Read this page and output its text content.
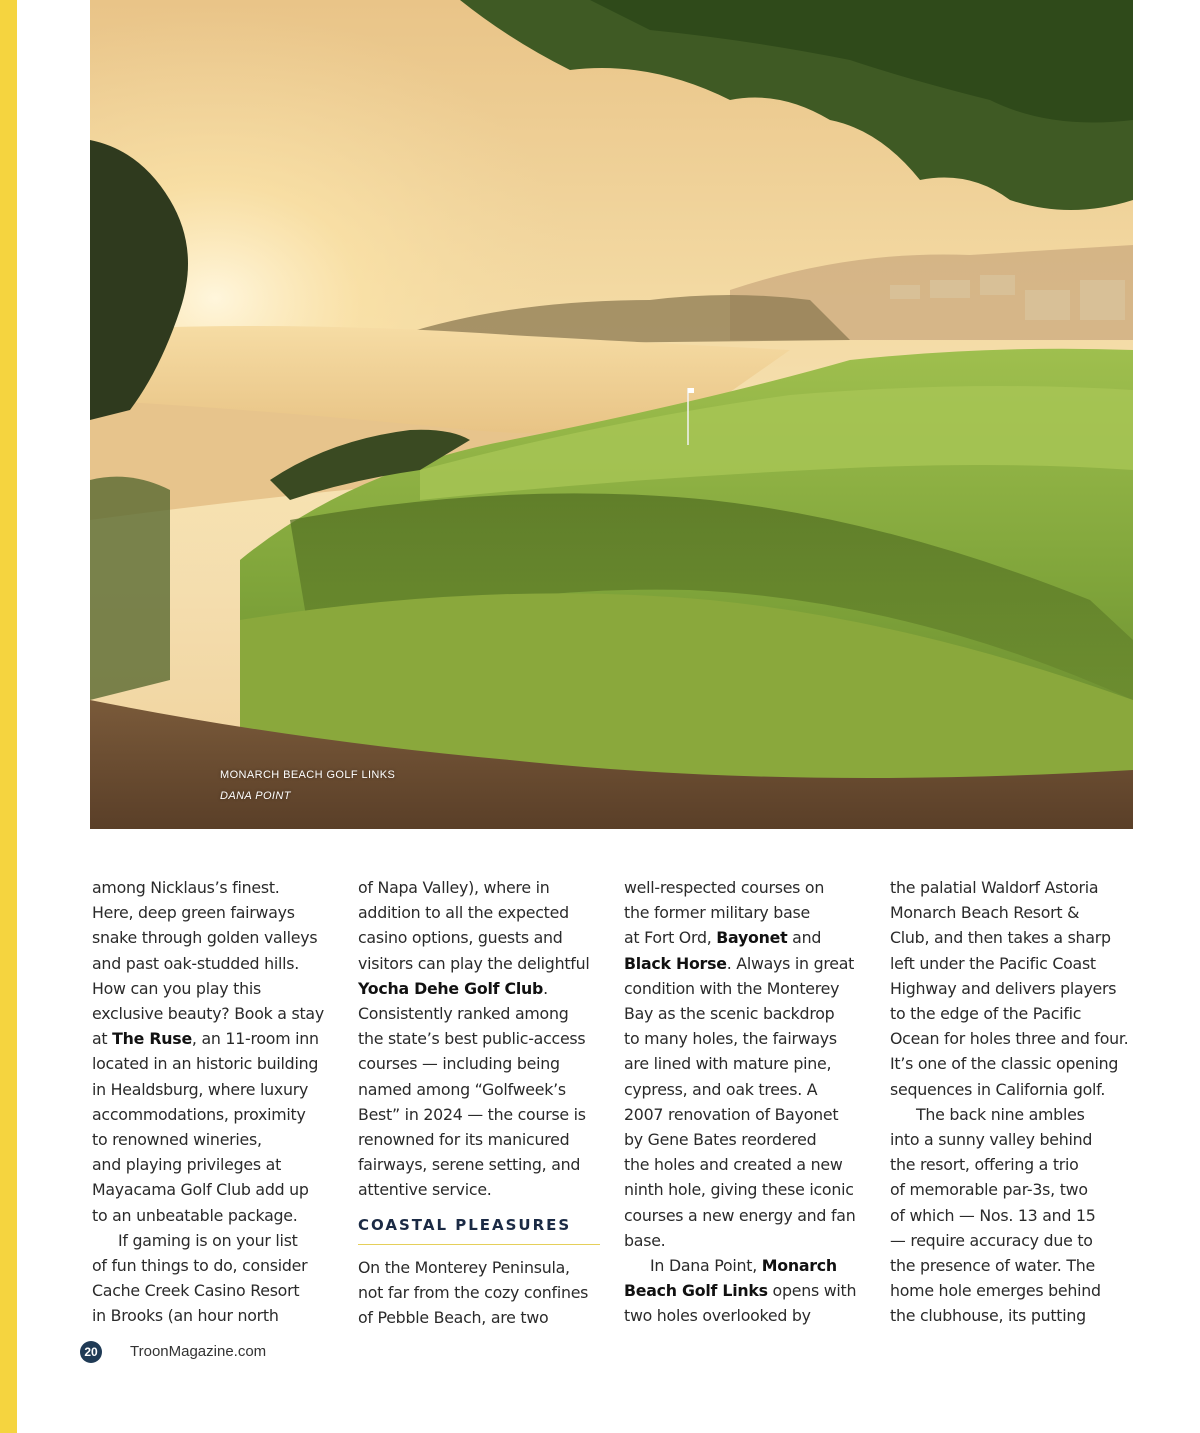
MONARCH BEACH GOLF LINKS
DANA POINT
among Nicklaus’s finest.
Here, deep green fairways
snake through golden valleys
and past oak-studded hills.
How can you play this
exclusive beauty? Book a stay
at The Ruse, an 11-room inn
located in an historic building
in Healdsburg, where luxury
accommodations, proximity
to renowned wineries,
and playing privileges at
Mayacama Golf Club add up
to an unbeatable package.
If gaming is on your list
of fun things to do, consider
Cache Creek Casino Resort
in Brooks (an hour north
of Napa Valley), where in
addition to all the expected
casino options, guests and
visitors can play the delightful
Yocha Dehe Golf Club.
Consistently ranked among
the state’s best public-access
courses — including being
named among “Golfweek’s
Best” in 2024 — the course is
renowned for its manicured
fairways, serene setting, and
attentive service.
COASTAL PLEASURES
On the Monterey Peninsula,
not far from the cozy confines
of Pebble Beach, are two
well-respected courses on
the former military base
at Fort Ord, Bayonet and
Black Horse. Always in great
condition with the Monterey
Bay as the scenic backdrop
to many holes, the fairways
are lined with mature pine,
cypress, and oak trees. A
2007 renovation of Bayonet
by Gene Bates reordered
the holes and created a new
ninth hole, giving these iconic
courses a new energy and fan
base.
In Dana Point, Monarch
Beach Golf Links opens with
two holes overlooked by
the palatial Waldorf Astoria
Monarch Beach Resort &
Club, and then takes a sharp
left under the Pacific Coast
Highway and delivers players
to the edge of the Pacific
Ocean for holes three and four.
It’s one of the classic opening
sequences in California golf.
The back nine ambles
into a sunny valley behind
the resort, offering a trio
of memorable par-3s, two
of which — Nos. 13 and 15
— require accuracy due to
the presence of water. The
home hole emerges behind
the clubhouse, its putting
20 TroonMagazine.com
